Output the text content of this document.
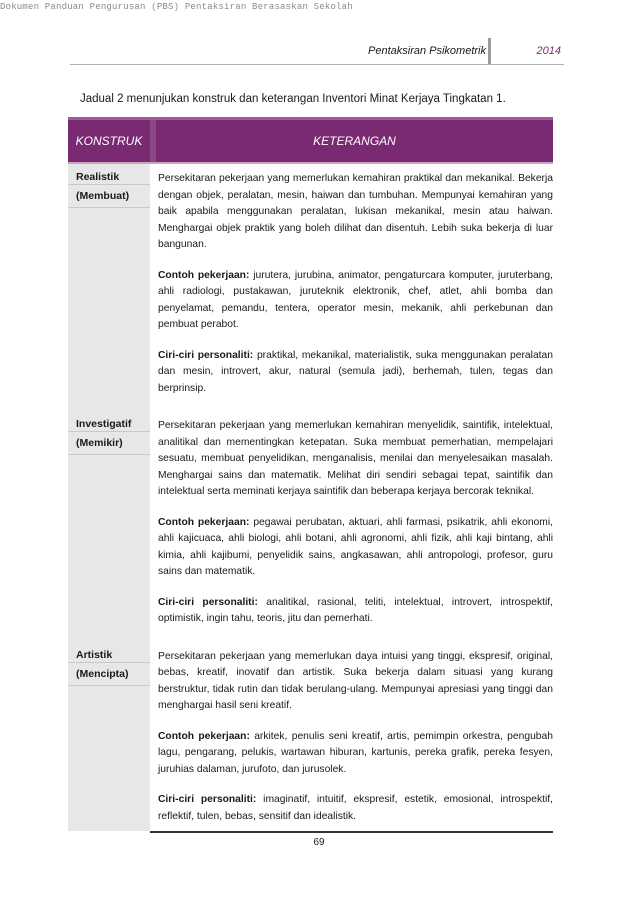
Dokumen Panduan Pengurusan (PBS) Pentaksiran Berasaskan Sekolah
Pentaksiran Psikometrik	2014
Jadual 2 menunjukan konstruk dan keterangan Inventori Minat Kerjaya Tingkatan 1.
KONSTRUK	KETERANGAN
Realistik
(Membuat)

Persekitaran pekerjaan yang memerlukan kemahiran praktikal dan mekanikal. Bekerja dengan objek, peralatan, mesin, haiwan dan tumbuhan. Mempunyai kemahiran yang baik apabila menggunakan peralatan, lukisan mekanikal, mesin atau haiwan. Menghargai objek praktik yang boleh dilihat dan disentuh. Lebih suka bekerja di luar bangunan.

Contoh pekerjaan: jurutera, jurubina, animator, pengaturcara komputer, juruterbang, ahli radiologi, pustakawan, juruteknik elektronik, chef, atlet, ahli bomba dan penyelamat, pemandu, tentera, operator mesin, mekanik, ahli perkebunan dan pembuat perabot.

Ciri-ciri personaliti: praktikal, mekanikal, materialistik, suka menggunakan peralatan dan mesin, introvert, akur, natural (semula jadi), berhemah, tulen, tegas dan berprinsip.

Investigatif
(Memikir)

Persekitaran pekerjaan yang memerlukan kemahiran menyelidik, saintifik, intelektual, analitikal dan mementingkan ketepatan. Suka membuat pemerhatian, mempelajari sesuatu, membuat penyelidikan, menganalisis, menilai dan menyelesaikan masalah. Menghargai sains dan matematik. Melihat diri sendiri sebagai tepat, saintifik dan intelektual serta meminati kerjaya saintifik dan beberapa kerjaya bercorak teknikal.

Contoh pekerjaan: pegawai perubatan, aktuari, ahli farmasi, psikatrik, ahli ekonomi, ahli kajicuaca, ahli biologi, ahli botani, ahli agronomi, ahli fizik, ahli kaji bintang, ahli kimia, ahli kajibumi, penyelidik sains, angkasawan, ahli antropologi, profesor, guru sains dan matematik.

Ciri-ciri personaliti: analitikal, rasional, teliti, intelektual, introvert, introspektif, optimistik, ingin tahu, teoris, jitu dan pemerhati.

Artistik
(Mencipta)

Persekitaran pekerjaan yang memerlukan daya intuisi yang tinggi, ekspresif, original, bebas, kreatif, inovatif dan artistik. Suka bekerja dalam situasi yang kurang berstruktur, tidak rutin dan tidak berulang-ulang. Mempunyai apresiasi yang tinggi dan menghargai hasil seni kreatif.

Contoh pekerjaan: arkitek, penulis seni kreatif, artis, pemimpin orkestra, pengubah lagu, pengarang, pelukis, wartawan hiburan, kartunis, pereka grafik, pereka fesyen, juruhias dalaman, jurufoto, dan jurusolek.

Ciri-ciri personaliti: imaginatif, intuitif, ekspresif, estetik, emosional, introspektif, reflektif, tulen, bebas, sensitif dan idealistik.

69
